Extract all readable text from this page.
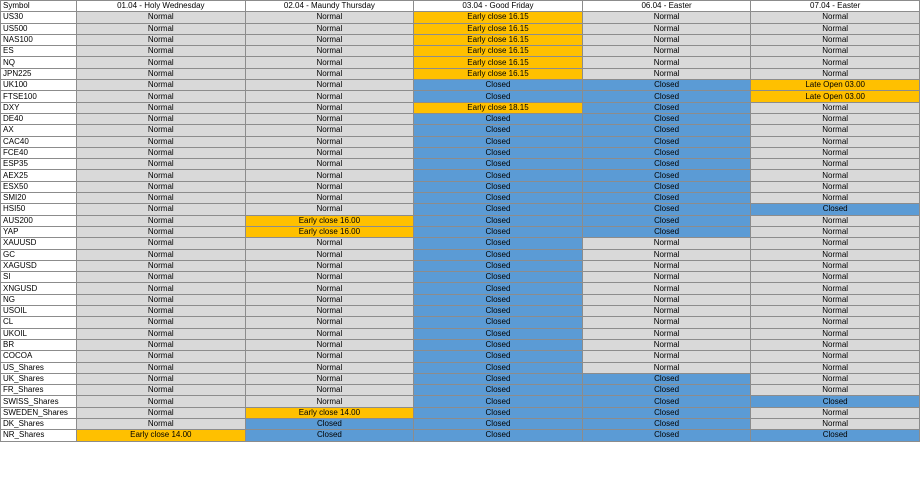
Symbol	01.04 - Holy Wednesday	02.04 - Maundy Thursday	03.04 - Good Friday	06.04 - Easter	07.04 - Easter
US30	Normal	Normal	Early close 16.15	Normal	Normal
US500	Normal	Normal	Early close 16.15	Normal	Normal
NAS100	Normal	Normal	Early close 16.15	Normal	Normal
ES	Normal	Normal	Early close 16.15	Normal	Normal
NQ	Normal	Normal	Early close 16.15	Normal	Normal
JPN225	Normal	Normal	Early close 16.15	Normal	Normal
UK100	Normal	Normal	Closed	Closed	Late Open 03.00
FTSE100	Normal	Normal	Closed	Closed	Late Open 03.00
DXY	Normal	Normal	Early close 18.15	Closed	Normal
DE40	Normal	Normal	Closed	Closed	Normal
AX	Normal	Normal	Closed	Closed	Normal
CAC40	Normal	Normal	Closed	Closed	Normal
FCE40	Normal	Normal	Closed	Closed	Normal
ESP35	Normal	Normal	Closed	Closed	Normal
AEX25	Normal	Normal	Closed	Closed	Normal
ESX50	Normal	Normal	Closed	Closed	Normal
SMI20	Normal	Normal	Closed	Closed	Normal
HSI50	Normal	Normal	Closed	Closed	Closed
AUS200	Normal	Early close 16.00	Closed	Closed	Normal
YAP	Normal	Early close 16.00	Closed	Closed	Normal
XAUUSD	Normal	Normal	Closed	Normal	Normal
GC	Normal	Normal	Closed	Normal	Normal
XAGUSD	Normal	Normal	Closed	Normal	Normal
SI	Normal	Normal	Closed	Normal	Normal
XNGUSD	Normal	Normal	Closed	Normal	Normal
NG	Normal	Normal	Closed	Normal	Normal
USOIL	Normal	Normal	Closed	Normal	Normal
CL	Normal	Normal	Closed	Normal	Normal
UKOIL	Normal	Normal	Closed	Normal	Normal
BR	Normal	Normal	Closed	Normal	Normal
COCOA	Normal	Normal	Closed	Normal	Normal
US_Shares	Normal	Normal	Closed	Normal	Normal
UK_Shares	Normal	Normal	Closed	Closed	Normal
FR_Shares	Normal	Normal	Closed	Closed	Normal
SWISS_Shares	Normal	Normal	Closed	Closed	Closed
SWEDEN_Shares	Normal	Early close 14.00	Closed	Closed	Normal
DK_Shares	Normal	Closed	Closed	Closed	Normal
NR_Shares	Early close 14.00	Closed	Closed	Closed	Closed
